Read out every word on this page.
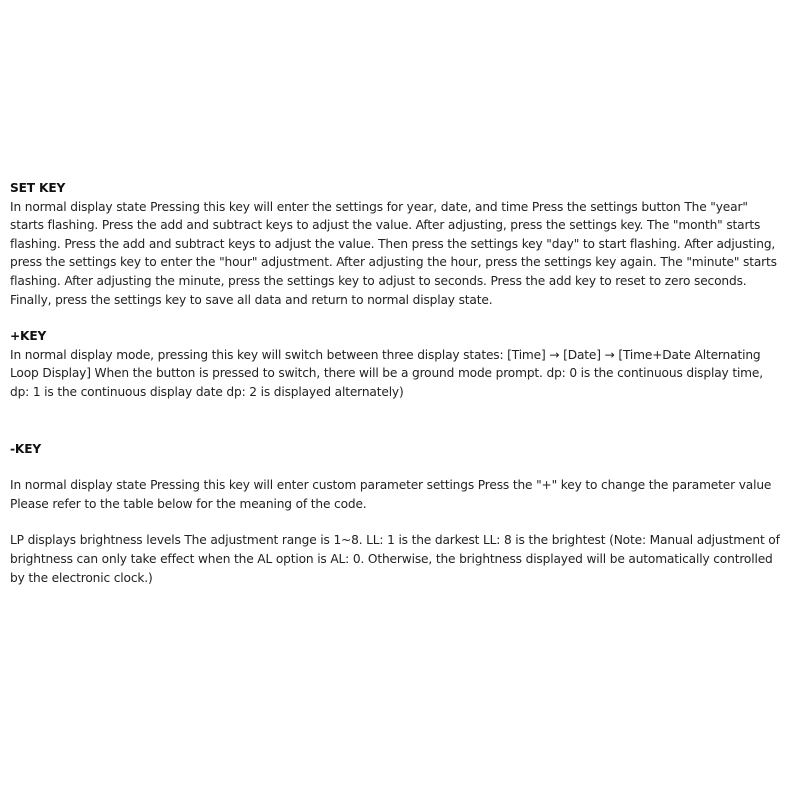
SET KEY

In normal display state Pressing this key will enter the settings for year, date, and time Press the settings button The "year" starts flashing. Press the add and subtract keys to adjust the value. After adjusting, press the settings key. The "month" starts flashing. Press the add and subtract keys to adjust the value. Then press the settings key "day" to start flashing. After adjusting, press the settings key to enter the "hour" adjustment. After adjusting the hour, press the settings key again. The "minute" starts flashing. After adjusting the minute, press the settings key to adjust to seconds. Press the add key to reset to zero seconds. Finally, press the settings key to save all data and return to normal display state.

+KEY

In normal display mode, pressing this key will switch between three display states: [Time] → [Date] → [Time+Date Alternating Loop Display] When the button is pressed to switch, there will be a ground mode prompt. dp: 0 is the continuous display time, dp: 1 is the continuous display date dp: 2 is displayed alternately)

-KEY

In normal display state Pressing this key will enter custom parameter settings Press the "+" key to change the parameter value Please refer to the table below for the meaning of the code.

LP displays brightness levels The adjustment range is 1~8. LL: 1 is the darkest LL: 8 is the brightest (Note: Manual adjustment of brightness can only take effect when the AL option is AL: 0. Otherwise, the brightness displayed will be automatically controlled by the electronic clock.)
